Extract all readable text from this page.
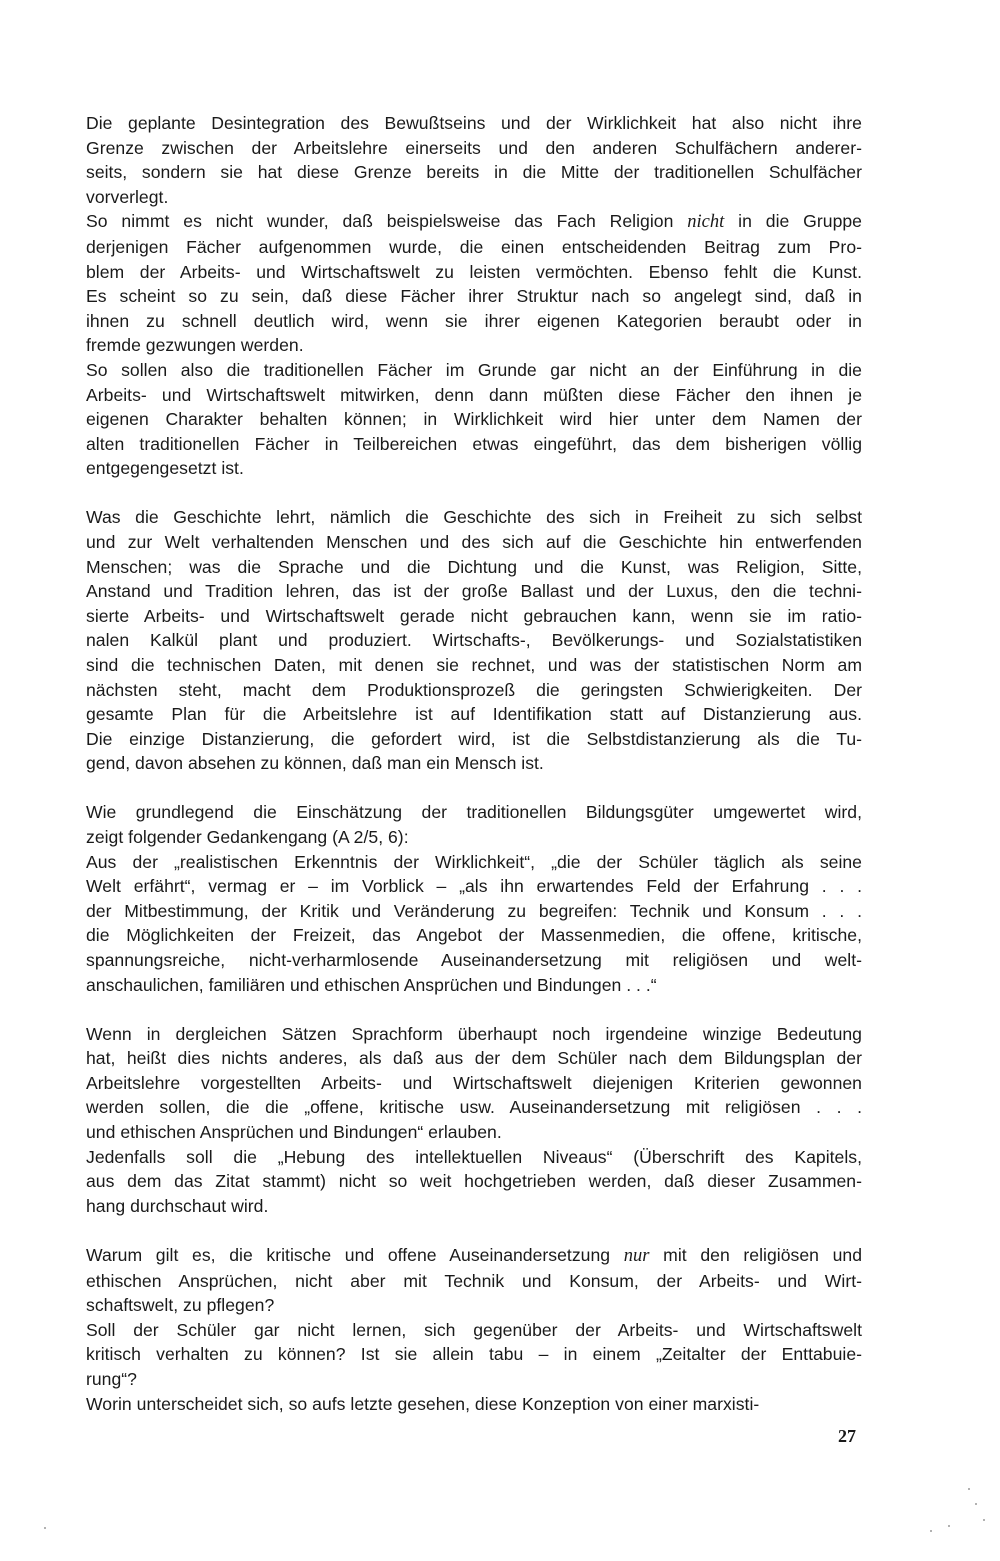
Die geplante Desintegration des Bewußtseins und der Wirklichkeit hat also nicht ihre
Grenze zwischen der Arbeitslehre einerseits und den anderen Schulfächern anderer-
seits, sondern sie hat diese Grenze bereits in die Mitte der traditionellen Schulfächer
vorverlegt.

So nimmt es nicht wunder, daß beispielsweise das Fach Religion nicht in die Gruppe
derjenigen Fächer aufgenommen wurde, die einen entscheidenden Beitrag zum Pro-
blem der Arbeits- und Wirtschaftswelt zu leisten vermöchten. Ebenso fehlt die Kunst.
Es scheint so zu sein, daß diese Fächer ihrer Struktur nach so angelegt sind, daß in
ihnen zu schnell deutlich wird, wenn sie ihrer eigenen Kategorien beraubt oder in
fremde gezwungen werden.

So sollen also die traditionellen Fächer im Grunde gar nicht an der Einführung in die
Arbeits- und Wirtschaftswelt mitwirken, denn dann müßten diese Fächer den ihnen je
eigenen Charakter behalten können; in Wirklichkeit wird hier unter dem Namen der
alten traditionellen Fächer in Teilbereichen etwas eingeführt, das dem bisherigen völlig
entgegengesetzt ist.

Was die Geschichte lehrt, nämlich die Geschichte des sich in Freiheit zu sich selbst
und zur Welt verhaltenden Menschen und des sich auf die Geschichte hin entwerfenden
Menschen; was die Sprache und die Dichtung und die Kunst, was Religion, Sitte,
Anstand und Tradition lehren, das ist der große Ballast und der Luxus, den die techni-
sierte Arbeits- und Wirtschaftswelt gerade nicht gebrauchen kann, wenn sie im ratio-
nalen Kalkül plant und produziert. Wirtschafts-, Bevölkerungs- und Sozialstatistiken
sind die technischen Daten, mit denen sie rechnet, und was der statistischen Norm am
nächsten steht, macht dem Produktionsprozeß die geringsten Schwierigkeiten. Der
gesamte Plan für die Arbeitslehre ist auf Identifikation statt auf Distanzierung aus.
Die einzige Distanzierung, die gefordert wird, ist die Selbstdistanzierung als die Tu-
gend, davon absehen zu können, daß man ein Mensch ist.

Wie grundlegend die Einschätzung der traditionellen Bildungsgüter umgewertet wird,
zeigt folgender Gedankengang (A 2/5, 6):

Aus der „realistischen Erkenntnis der Wirklichkeit“, „die der Schüler täglich als seine
Welt erfährt“, vermag er – im Vorblick – „als ihn erwartendes Feld der Erfahrung . . .
der Mitbestimmung, der Kritik und Veränderung zu begreifen: Technik und Konsum . . .
die Möglichkeiten der Freizeit, das Angebot der Massenmedien, die offene, kritische,
spannungsreiche, nicht-verharmlosende Auseinandersetzung mit religiösen und welt-
anschaulichen, familiären und ethischen Ansprüchen und Bindungen . . .“

Wenn in dergleichen Sätzen Sprachform überhaupt noch irgendeine winzige Bedeutung
hat, heißt dies nichts anderes, als daß aus der dem Schüler nach dem Bildungsplan der
Arbeitslehre vorgestellten Arbeits- und Wirtschaftswelt diejenigen Kriterien gewonnen
werden sollen, die die „offene, kritische usw. Auseinandersetzung mit religiösen . . .
und ethischen Ansprüchen und Bindungen“ erlauben.

Jedenfalls soll die „Hebung des intellektuellen Niveaus“ (Überschrift des Kapitels,
aus dem das Zitat stammt) nicht so weit hochgetrieben werden, daß dieser Zusammen-
hang durchschaut wird.

Warum gilt es, die kritische und offene Auseinandersetzung nur mit den religiösen und
ethischen Ansprüchen, nicht aber mit Technik und Konsum, der Arbeits- und Wirt-
schaftswelt, zu pflegen?

Soll der Schüler gar nicht lernen, sich gegenüber der Arbeits- und Wirtschaftswelt
kritisch verhalten zu können? Ist sie allein tabu – in einem „Zeitalter der Enttabuie-
rung“?

Worin unterscheidet sich, so aufs letzte gesehen, diese Konzeption von einer marxisti-

27
